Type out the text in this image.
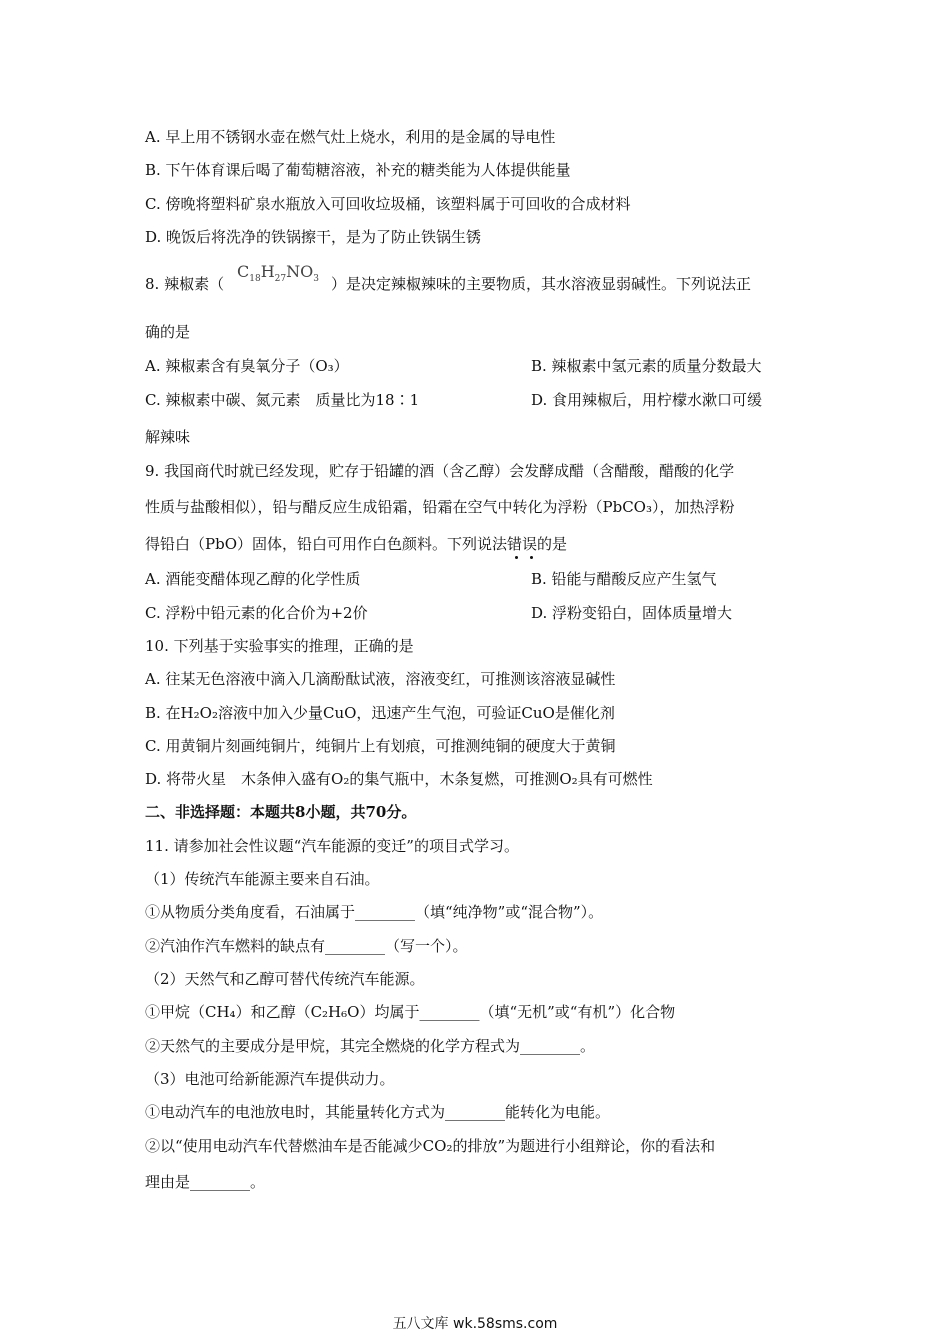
A. 早上用不锈钢水壶在燃气灶上烧水，利用的是金属的导电性
B. 下午体育课后喝了葡萄糖溶液，补充的糖类能为人体提供能量
C. 傍晚将塑料矿泉水瓶放入可回收垃圾桶，该塑料属于可回收的合成材料
D. 晚饭后将洗净的铁锅擦干，是为了防止铁锅生锈
8. 辣椒素（
$C_{18}H_{27}NO_3$ ）是决定辣椒辣味的主要物质，其水溶液显弱碱性。下列说法正
确的是
A. 辣椒素含有臭氧分子（O₃）	B. 辣椒素中氢元素的质量分数最大
C. 辣椒素中碳、氮元素　质量比为18∶1	D. 食用辣椒后，用柠檬水漱口可缓
解辣味
9. 我国商代时就已经发现，贮存于铅罐的酒（含乙醇）会发酵成醋（含醋酸，醋酸的化学
性质与盐酸相似），铅与醋反应生成铅霜，铅霜在空气中转化为浮粉（PbCO₃），加热浮粉
得铅白（PbO）固体，铅白可用作白色颜料。下列说法错误的是
A. 酒能变醋体现乙醇的化学性质	B. 铅能与醋酸反应产生氢气
C. 浮粉中铅元素的化合价为+2价	D. 浮粉变铅白，固体质量增大
10. 下列基于实验事实的推理，正确的是
A. 往某无色溶液中滴入几滴酚酞试液，溶液变红，可推测该溶液显碱性
B. 在H₂O₂溶液中加入少量CuO，迅速产生气泡，可验证CuO是催化剂
C. 用黄铜片刻画纯铜片，纯铜片上有划痕，可推测纯铜的硬度大于黄铜
D. 将带火星　木条伸入盛有O₂的集气瓶中，木条复燃，可推测O₂具有可燃性
二、非选择题：本题共8小题，共70分。
11. 请参加社会性议题“汽车能源的变迁”的项目式学习。
（1）传统汽车能源主要来自石油。
①从物质分类角度看，石油属于________（填“纯净物”或“混合物”）。
②汽油作汽车燃料的缺点有________（写一个）。
（2）天然气和乙醇可替代传统汽车能源。
①甲烷（CH₄）和乙醇（C₂H₆O）均属于________（填“无机”或“有机”）化合物
②天然气的主要成分是甲烷，其完全燃烧的化学方程式为________。
（3）电池可给新能源汽车提供动力。
①电动汽车的电池放电时，其能量转化方式为________能转化为电能。
②以“使用电动汽车代替燃油车是否能减少CO₂的排放”为题进行小组辩论，你的看法和
理由是________。
五八文库 wk.58sms.com
